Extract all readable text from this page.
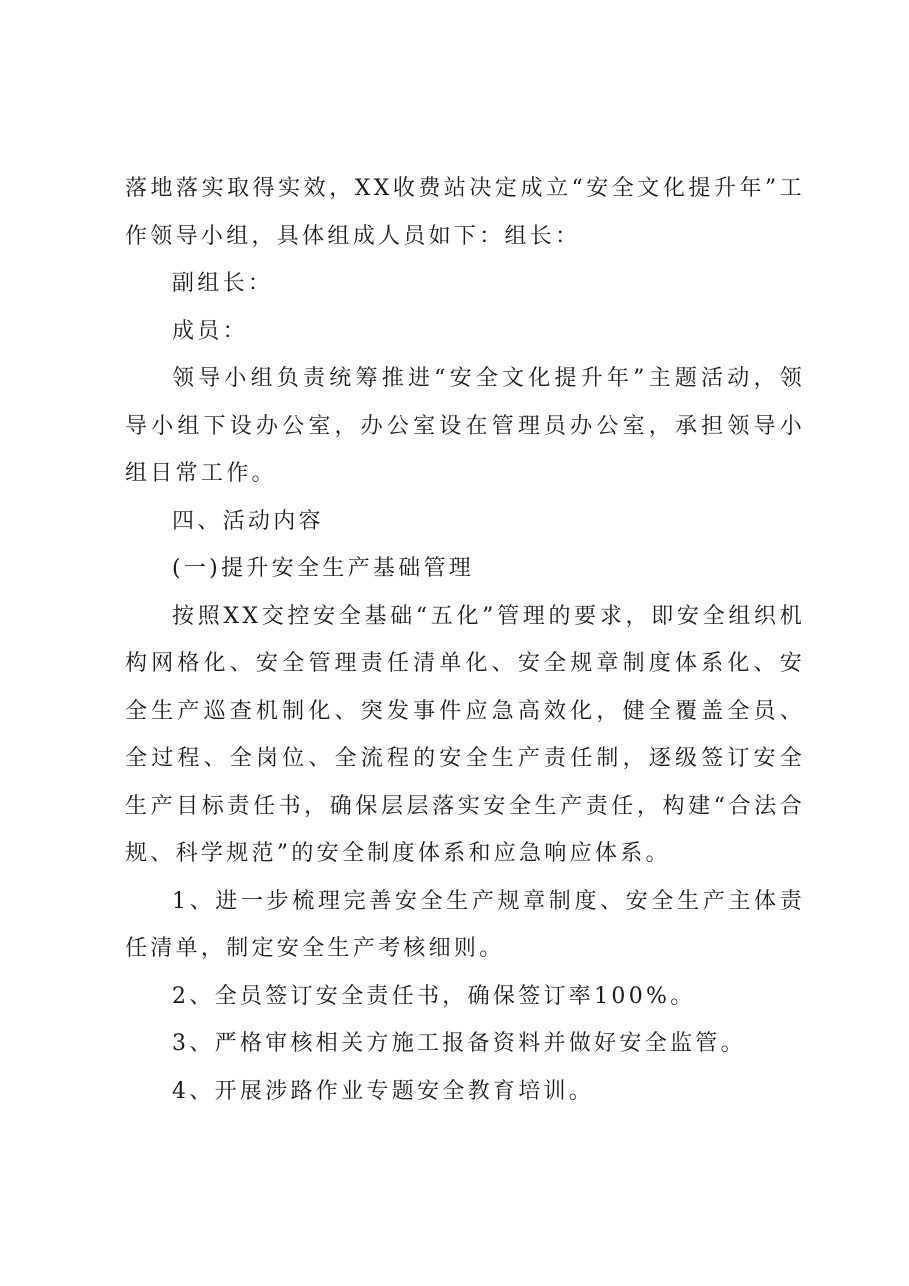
落地落实取得实效，XX收费站决定成立“安全文化提升年”工作领导小组，具体组成人员如下：组长：

副组长：

成员：

领导小组负责统筹推进“安全文化提升年”主题活动，领导小组下设办公室，办公室设在管理员办公室，承担领导小组日常工作。

四、活动内容

(一)提升安全生产基础管理

按照XX交控安全基础“五化”管理的要求，即安全组织机构网格化、安全管理责任清单化、安全规章制度体系化、安全生产巡查机制化、突发事件应急高效化，健全覆盖全员、全过程、全岗位、全流程的安全生产责任制，逐级签订安全生产目标责任书，确保层层落实安全生产责任，构建“合法合规、科学规范”的安全制度体系和应急响应体系。

1、进一步梳理完善安全生产规章制度、安全生产主体责任清单，制定安全生产考核细则。

2、全员签订安全责任书，确保签订率100%。

3、严格审核相关方施工报备资料并做好安全监管。

4、开展涉路作业专题安全教育培训。
